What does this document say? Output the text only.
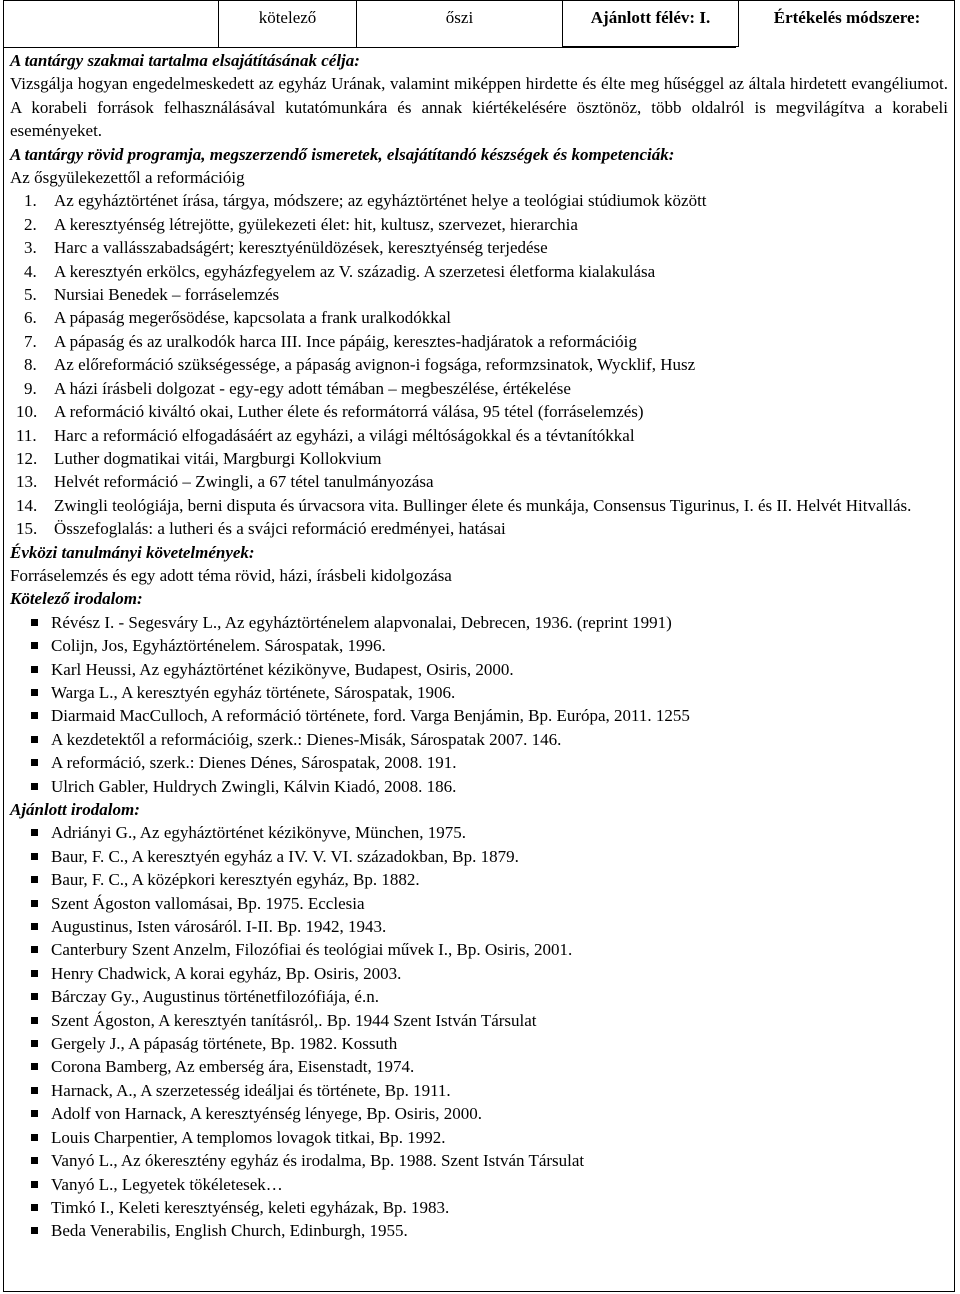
kötelező	őszi	Ajánlott félév: I.	Értékelés módszere:
A tantárgy szakmai tartalma elsajátításának célja:
Vizsgálja hogyan engedelmeskedett az egyház Urának, valamint miképpen hirdette és élte meg hűséggel az általa hirdetett evangéliumot. A korabeli források felhasználásával kutatómunkára és annak kiértékelésére ösztönöz, több oldalról is megvilágítva a korabeli eseményeket.
A tantárgy rövid programja, megszerzendő ismeretek, elsajátítandó készségek és kompetenciák:
Az ősgyülekezettől a reformációig
1. Az egyháztörténet írása, tárgya, módszere; az egyháztörténet helye a teológiai stúdiumok között
2. A keresztyénség létrejötte, gyülekezeti élet: hit, kultusz, szervezet, hierarchia
3. Harc a vallásszabadságért; keresztyénüldözések, keresztyénség terjedése
4. A keresztyén erkölcs, egyházfegyelem az V. századig. A szerzetesi életforma kialakulása
5. Nursiai Benedek – forráselemzés
6. A pápaság megerősödése, kapcsolata a frank uralkodókkal
7. A pápaság és az uralkodók harca III. Ince pápáig, keresztes-hadjáratok a reformációig
8. Az előreformáció szükségessége, a pápaság avignon-i fogsága, reformzsinatok, Wycklif, Husz
9. A házi írásbeli dolgozat - egy-egy adott témában – megbeszélése, értékelése
10. A reformáció kiváltó okai, Luther élete és reformátorrá válása, 95 tétel (forráselemzés)
11. Harc a reformáció elfogadásáért az egyházi, a világi méltóságokkal és a tévtanítókkal
12. Luther dogmatikai vitái, Margburgi Kollokvium
13. Helvét reformáció – Zwingli, a 67 tétel tanulmányozása
14. Zwingli teológiája, berni disputa és úrvacsora vita. Bullinger élete és munkája, Consensus Tigurinus, I. és II. Helvét Hitvallás.
15. Összefoglalás: a lutheri és a svájci reformáció eredményei, hatásai
Évközi tanulmányi követelmények:
Forráselemzés és egy adott téma rövid, házi, írásbeli kidolgozása
Kötelező irodalom:
Révész I. - Segesváry L., Az egyháztörténelem alapvonalai, Debrecen, 1936. (reprint 1991)
Colijn, Jos, Egyháztörténelem. Sárospatak, 1996.
Karl Heussi, Az egyháztörténet kézikönyve, Budapest, Osiris, 2000.
Warga L., A keresztyén egyház története, Sárospatak, 1906.
Diarmaid MacCulloch, A reformáció története, ford. Varga Benjámin, Bp. Európa, 2011. 1255
A kezdetektől a reformációig, szerk.: Dienes-Misák, Sárospatak 2007. 146.
A reformáció, szerk.: Dienes Dénes, Sárospatak, 2008. 191.
Ulrich Gabler, Huldrych Zwingli, Kálvin Kiadó, 2008. 186.
Ajánlott irodalom:
Adriányi G., Az egyháztörténet kézikönyve, München, 1975.
Baur, F. C., A keresztyén egyház a IV. V. VI. századokban, Bp. 1879.
Baur, F. C., A középkori keresztyén egyház, Bp. 1882.
Szent Ágoston vallomásai, Bp. 1975. Ecclesia
Augustinus, Isten városáról. I-II. Bp. 1942, 1943.
Canterbury Szent Anzelm, Filozófiai és teológiai művek I., Bp. Osiris, 2001.
Henry Chadwick, A korai egyház, Bp. Osiris, 2003.
Bárczay Gy., Augustinus történetfilozófiája, é.n.
Szent Ágoston, A keresztyén tanításról,. Bp. 1944 Szent István Társulat
Gergely J., A pápaság története, Bp. 1982. Kossuth
Corona Bamberg, Az emberség ára, Eisenstadt, 1974.
Harnack, A., A szerzetesség ideáljai és története, Bp. 1911.
Adolf von Harnack, A keresztyénség lényege, Bp. Osiris, 2000.
Louis Charpentier, A templomos lovagok titkai, Bp. 1992.
Vanyó L., Az ókeresztény egyház és irodalma, Bp. 1988. Szent István Társulat
Vanyó L., Legyetek tökéletesek…
Timkó I., Keleti keresztyénség, keleti egyházak, Bp. 1983.
Beda Venerabilis, English Church, Edinburgh, 1955.
